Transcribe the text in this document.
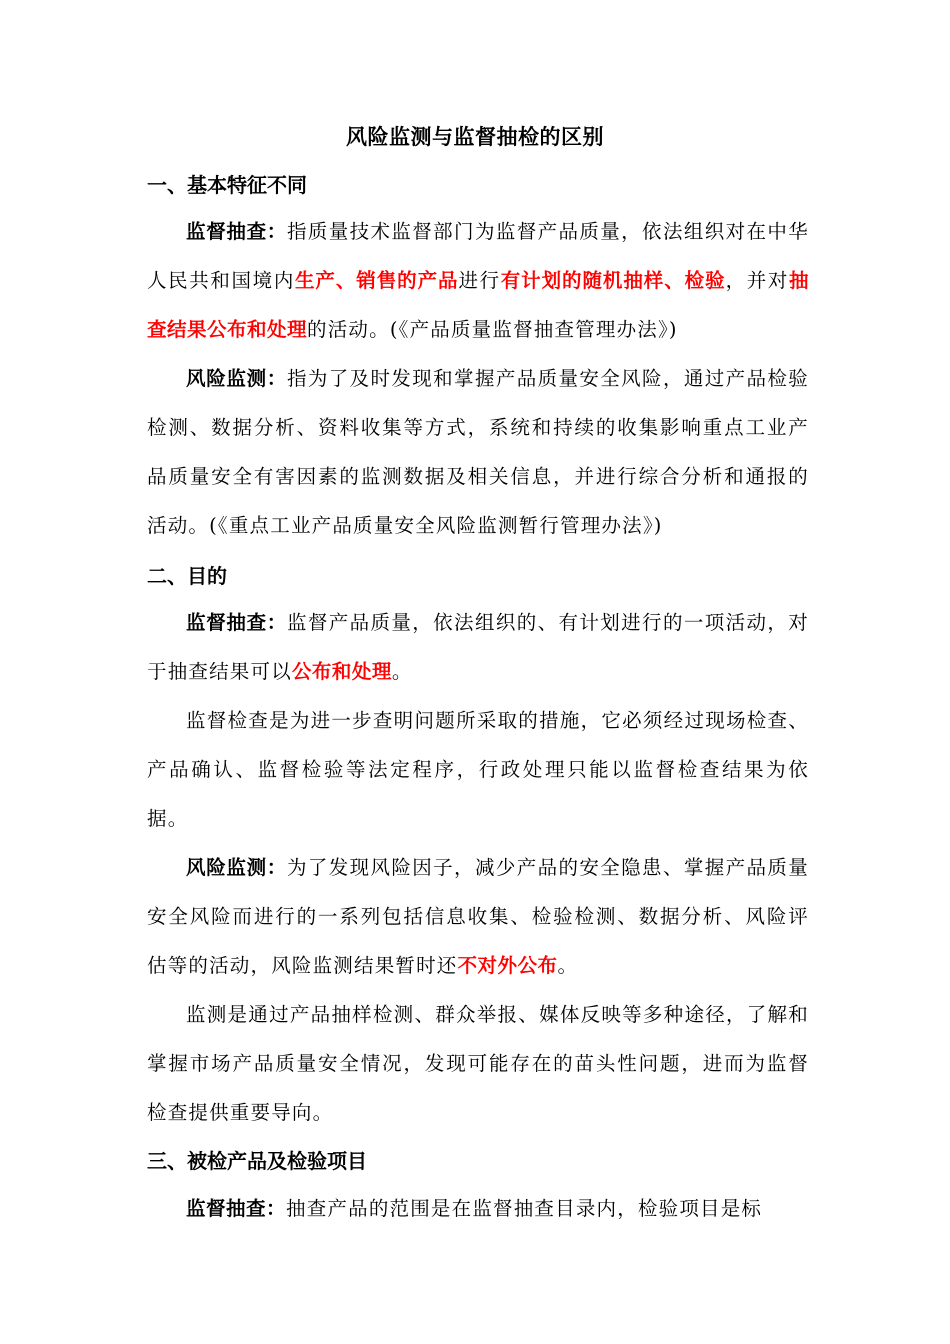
风险监测与监督抽检的区别
一、基本特征不同

监督抽查：指质量技术监督部门为监督产品质量，依法组织对在中华人民共和国境内生产、销售的产品进行有计划的随机抽样、检验，并对抽查结果公布和处理的活动。(《产品质量监督抽查管理办法》)

风险监测：指为了及时发现和掌握产品质量安全风险，通过产品检验检测、数据分析、资料收集等方式，系统和持续的收集影响重点工业产品质量安全有害因素的监测数据及相关信息，并进行综合分析和通报的活动。(《重点工业产品质量安全风险监测暂行管理办法》)

二、目的

监督抽查：监督产品质量，依法组织的、有计划进行的一项活动，对于抽查结果可以公布和处理。

监督检查是为进一步查明问题所采取的措施，它必须经过现场检查、产品确认、监督检验等法定程序，行政处理只能以监督检查结果为依据。

风险监测：为了发现风险因子，减少产品的安全隐患、掌握产品质量安全风险而进行的一系列包括信息收集、检验检测、数据分析、风险评估等的活动，风险监测结果暂时还不对外公布。

监测是通过产品抽样检测、群众举报、媒体反映等多种途径，了解和掌握市场产品质量安全情况，发现可能存在的苗头性问题，进而为监督检查提供重要导向。

三、被检产品及检验项目

监督抽查：抽查产品的范围是在监督抽查目录内，检验项目是标
